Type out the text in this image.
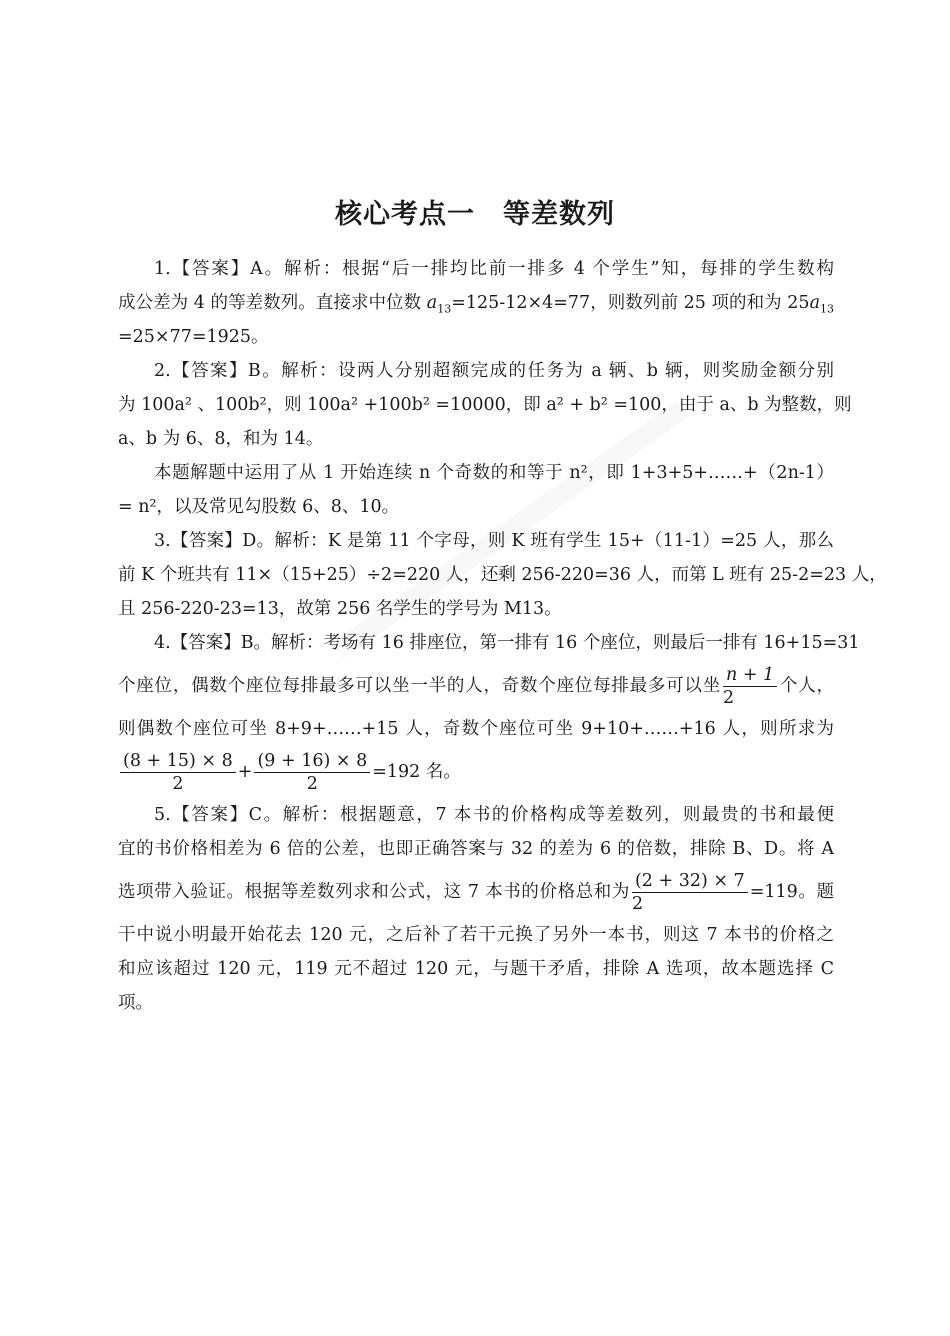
核心考点一　等差数列
1.【答案】A。解析：根据“后一排均比前一排多 4 个学生”知，每排的学生数构
成公差为 4 的等差数列。直接求中位数 $a_{13}=125-12\times 4=77$，则数列前 25 项的和为 $25a_{13}$
=25×77=1925。
2.【答案】B。解析：设两人分别超额完成的任务为 a 辆、b 辆，则奖励金额分别
为 100a² 、100b²，则 100a² +100b² =10000，即 a² + b² =100，由于 a、b 为整数，则
a、b 为 6、8，和为 14。
本题解题中运用了从 1 开始连续 n 个奇数的和等于 n²，即 1+3+5+……+（2n-1）
= n²，以及常见勾股数 6、8、10。
3.【答案】D。解析：K 是第 11 个字母，则 K 班有学生 15+（11-1）=25 人，那么
前 K 个班共有 11×（15+25）÷2=220 人，还剩 256-220=36 人，而第 L 班有 25-2=23 人，
且 256-220-23=13，故第 256 名学生的学号为 M13。
4.【答案】B。解析：考场有 16 排座位，第一排有 16 个座位，则最后一排有 16+15=31
个座位，偶数个座位每排最多可以坐一半的人，奇数个座位每排最多可以坐 $\frac{n + 1}{2}$ 个人，
则偶数个座位可坐 8+9+……+15 人，奇数个座位可坐 9+10+……+16 人，则所求为
$\frac{(8 + 15) \times 8}{2} + \frac{(9 + 16) \times 8}{2} =192$ 名。
5.【答案】C。解析：根据题意，7 本书的价格构成等差数列，则最贵的书和最便
宜的书价格相差为 6 倍的公差，也即正确答案与 32 的差为 6 的倍数，排除 B、D。将 A
选项带入验证。根据等差数列求和公式，这 7 本书的价格总和为 $\frac{(2 + 32) \times 7}{2} =119$。题
干中说小明最开始花去 120 元，之后补了若干元换了另外一本书，则这 7 本书的价格之
和应该超过 120 元，119 元不超过 120 元，与题干矛盾，排除 A 选项，故本题选择 C
项。
